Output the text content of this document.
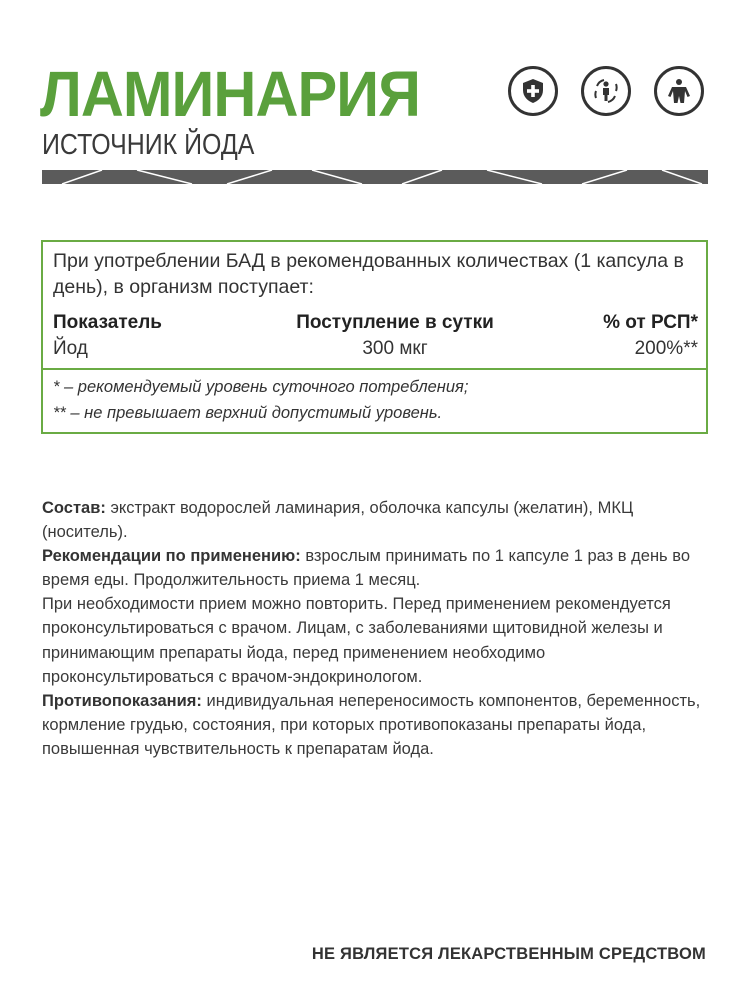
ЛАМИНАРИЯ
ИСТОЧНИК ЙОДА
При употреблении БАД в рекомендованных количествах (1 капсула в день), в организм поступает:
Показатель	Поступление в сутки	% от РСП*
Йод	300 мкг	200%**
* – рекомендуемый уровень суточного потребления;
** – не превышает верхний допустимый уровень.

Состав: экстракт водорослей ламинария, оболочка капсулы (желатин), МКЦ (носитель).

Рекомендации по применению: взрослым принимать по 1 капсуле 1 раз в день во время еды. Продолжительность приема 1 месяц.

При необходимости прием можно повторить. Перед применением рекомендуется проконсультироваться с врачом. Лицам, с заболеваниями щитовидной железы и принимающим препараты йода, перед применением необходимо проконсультироваться с врачом-эндокринологом.

Противопоказания: индивидуальная непереносимость компонентов, беременность, кормление грудью, состояния, при которых противопоказаны препараты йода, повышенная чувствительность к препаратам йода.

НЕ ЯВЛЯЕТСЯ ЛЕКАРСТВЕННЫМ СРЕДСТВОМ
